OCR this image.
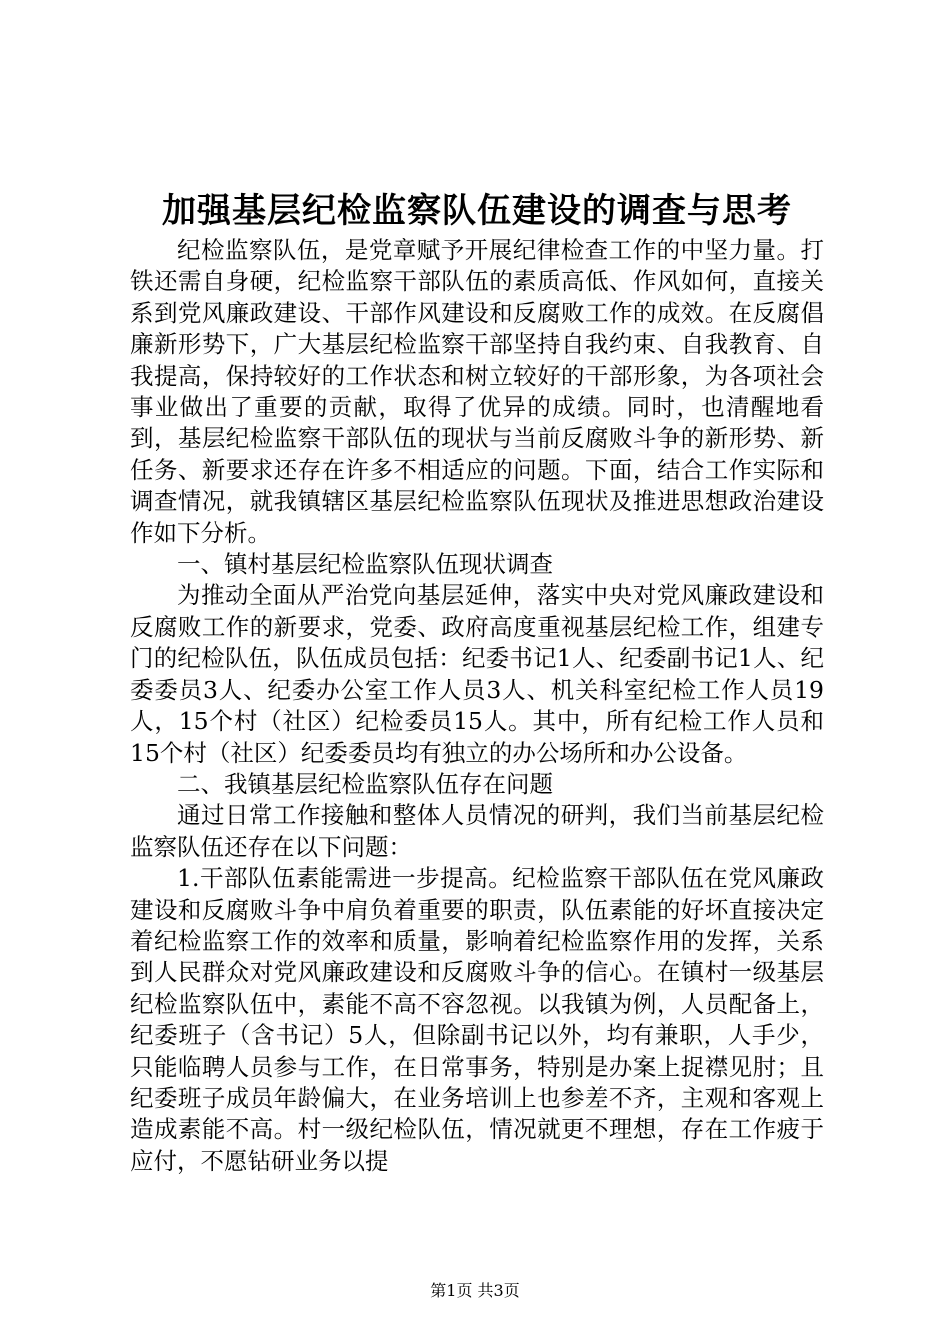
加强基层纪检监察队伍建设的调查与思考

纪检监察队伍，是党章赋予开展纪律检查工作的中坚力量。打铁还需自身硬，纪检监察干部队伍的素质高低、作风如何，直接关系到党风廉政建设、干部作风建设和反腐败工作的成效。在反腐倡廉新形势下，广大基层纪检监察干部坚持自我约束、自我教育、自我提高，保持较好的工作状态和树立较好的干部形象，为各项社会事业做出了重要的贡献，取得了优异的成绩。同时，也清醒地看到，基层纪检监察干部队伍的现状与当前反腐败斗争的新形势、新任务、新要求还存在许多不相适应的问题。下面，结合工作实际和调查情况，就我镇辖区基层纪检监察队伍现状及推进思想政治建设作如下分析。

一、镇村基层纪检监察队伍现状调查

为推动全面从严治党向基层延伸，落实中央对党风廉政建设和反腐败工作的新要求，党委、政府高度重视基层纪检工作，组建专门的纪检队伍，队伍成员包括：纪委书记1人、纪委副书记1人、纪委委员3人、纪委办公室工作人员3人、机关科室纪检工作人员19人，15个村（社区）纪检委员15人。其中，所有纪检工作人员和15个村（社区）纪委委员均有独立的办公场所和办公设备。

二、我镇基层纪检监察队伍存在问题

通过日常工作接触和整体人员情况的研判，我们当前基层纪检监察队伍还存在以下问题：

1.干部队伍素能需进一步提高。纪检监察干部队伍在党风廉政建设和反腐败斗争中肩负着重要的职责，队伍素能的好坏直接决定着纪检监察工作的效率和质量，影响着纪检监察作用的发挥，关系到人民群众对党风廉政建设和反腐败斗争的信心。在镇村一级基层纪检监察队伍中，素能不高不容忽视。以我镇为例，人员配备上，纪委班子（含书记）5人，但除副书记以外，均有兼职，人手少，只能临聘人员参与工作，在日常事务，特别是办案上捉襟见肘；且纪委班子成员年龄偏大，在业务培训上也参差不齐，主观和客观上造成素能不高。村一级纪检队伍，情况就更不理想，存在工作疲于应付，不愿钻研业务以提

第1页 共3页
